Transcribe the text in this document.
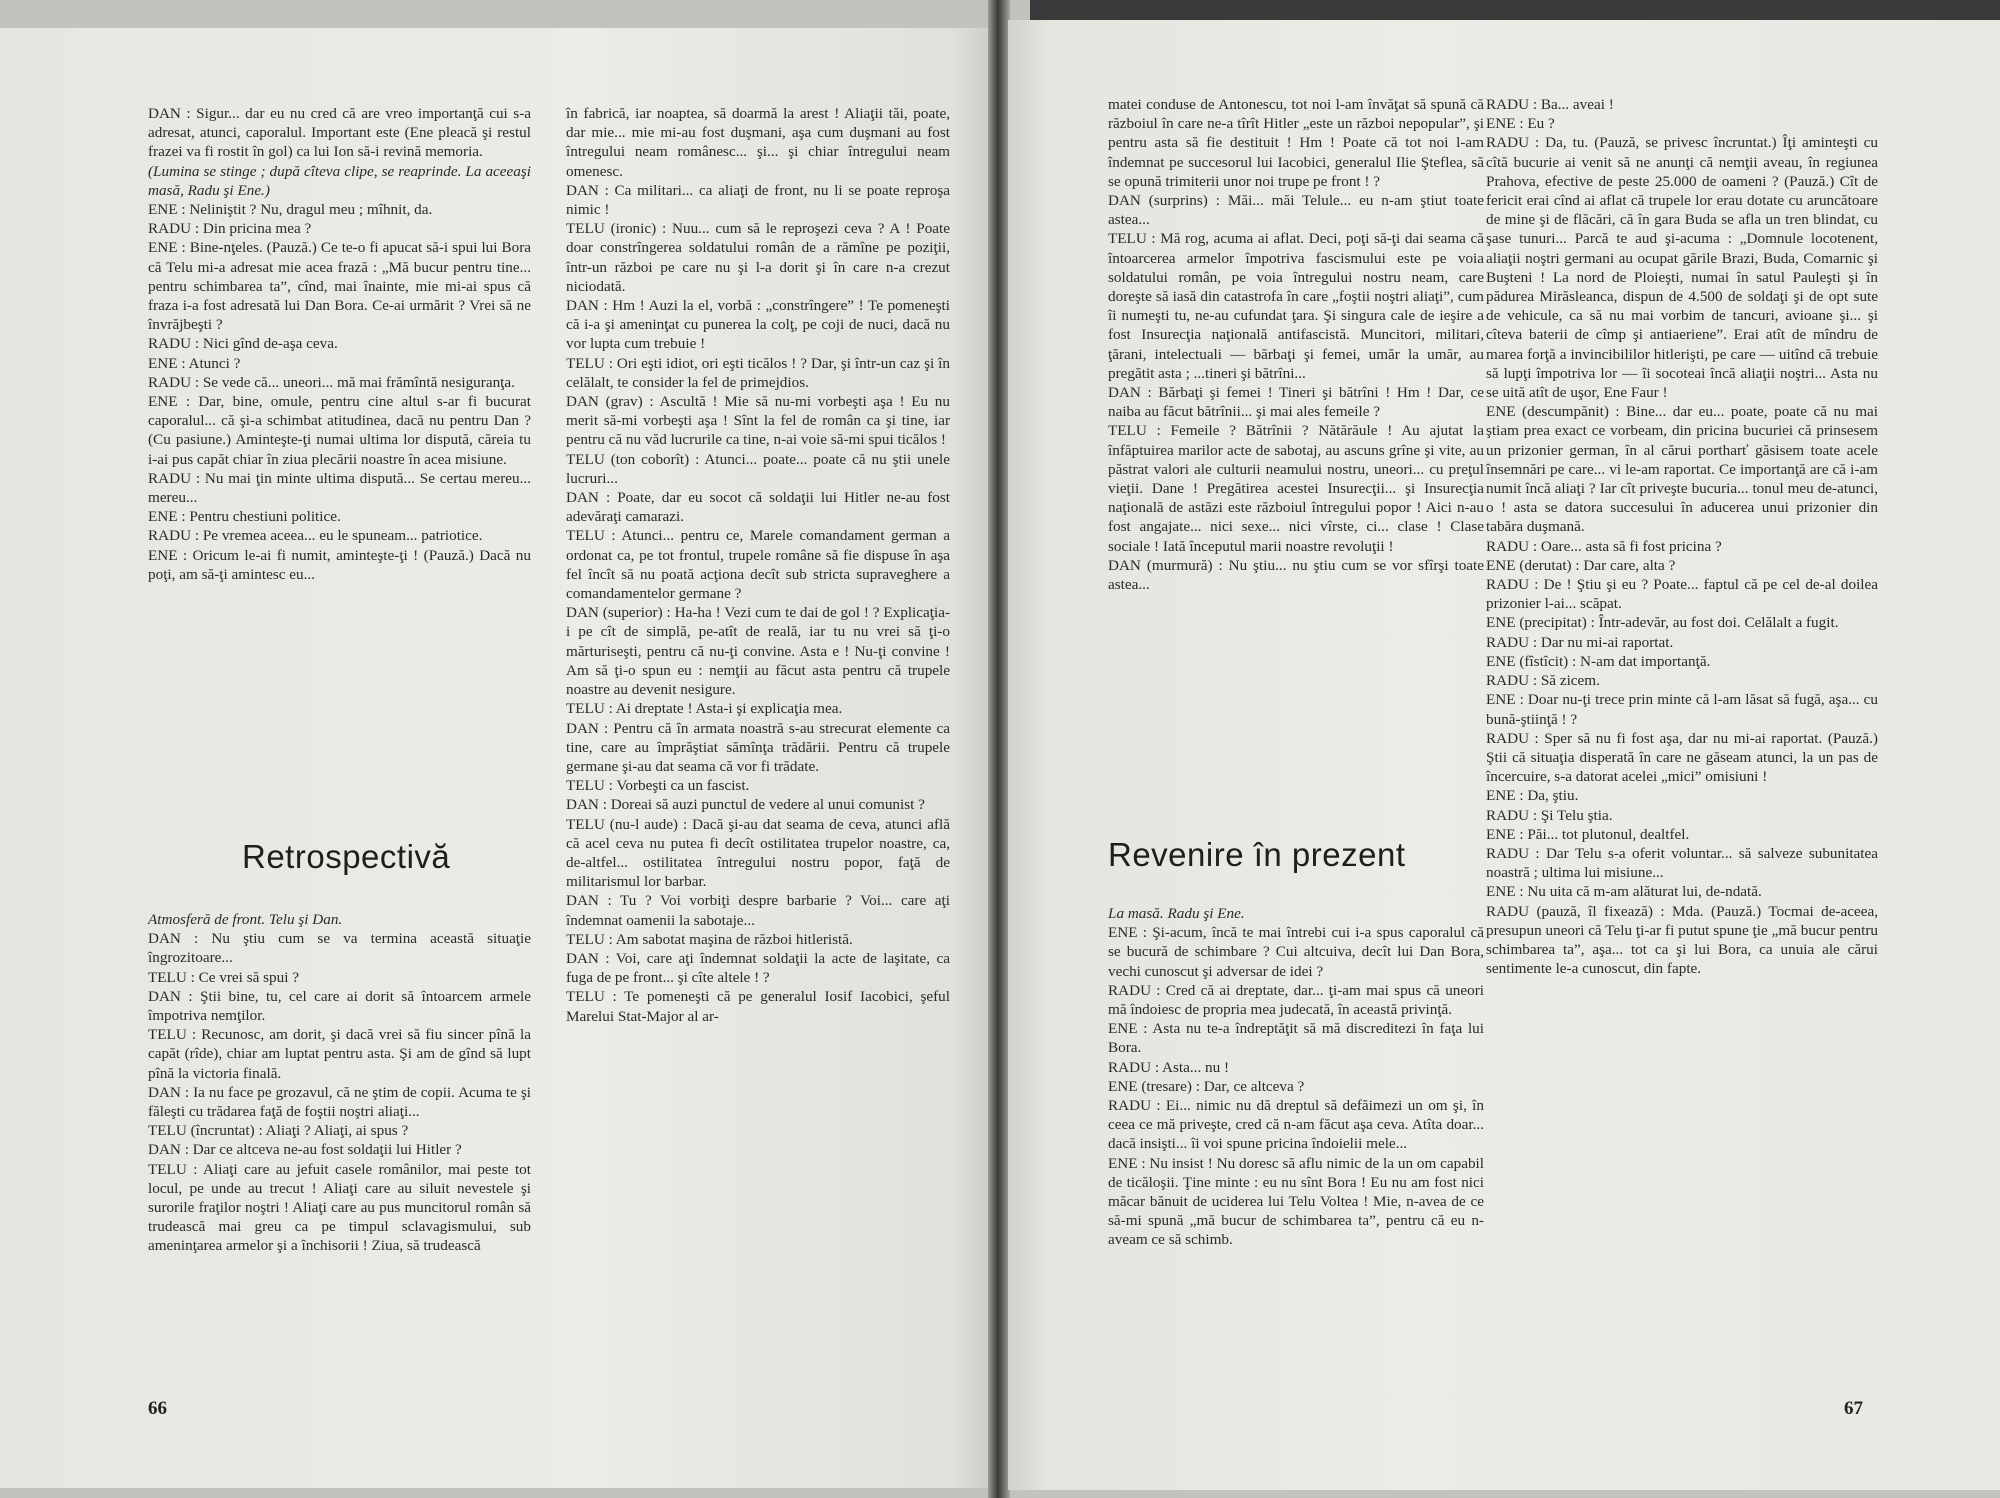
DAN : Sigur... dar eu nu cred că are vreo importanţă cui s-a adresat, atunci, caporalul. Important este (Ene pleacă şi restul frazei va fi rostit în gol) ca lui Ion să-i revină memoria.

(Lumina se stinge ; după cîteva clipe, se reaprinde. La aceeaşi masă, Radu şi Ene.)

ENE : Neliniştit ? Nu, dragul meu ; mîhnit, da.

RADU : Din pricina mea ?

ENE : Bine-nţeles. (Pauză.) Ce te-o fi apucat să-i spui lui Bora că Telu mi-a adresat mie acea frază : „Mă bucur pentru tine... pentru schimbarea ta”, cînd, mai înainte, mie mi-ai spus că fraza i-a fost adresată lui Dan Bora. Ce-ai urmărit ? Vrei să ne învrăjbeşti ?

RADU : Nici gînd de-aşa ceva.

ENE : Atunci ?

RADU : Se vede că... uneori... mă mai frămîntă nesiguranţa.

ENE : Dar, bine, omule, pentru cine altul s-ar fi bucurat caporalul... că şi-a schimbat atitudinea, dacă nu pentru Dan ? (Cu pasiune.) Aminteşte-ţi numai ultima lor dispută, căreia tu i-ai pus capăt chiar în ziua plecării noastre în acea misiune.

RADU : Nu mai ţin minte ultima dispută... Se certau mereu... mereu...

ENE : Pentru chestiuni politice.

RADU : Pe vremea aceea... eu le spuneam... patriotice.

ENE : Oricum le-ai fi numit, aminteşte-ţi ! (Pauză.) Dacă nu poţi, am să-ţi amintesc eu...

Retrospectivă

Atmosferă de front. Telu şi Dan.

DAN : Nu ştiu cum se va termina această situaţie îngrozitoare...

TELU : Ce vrei să spui ?

DAN : Ştii bine, tu, cel care ai dorit să întoarcem armele împotriva nemţilor.

TELU : Recunosc, am dorit, şi dacă vrei să fiu sincer pînă la capăt (rîde), chiar am luptat pentru asta. Şi am de gînd să lupt pînă la victoria finală.

DAN : Ia nu face pe grozavul, că ne ştim de copii. Acuma te şi făleşti cu trădarea faţă de foştii noştri aliaţi...

TELU (încruntat) : Aliaţi ? Aliaţi, ai spus ?

DAN : Dar ce altceva ne-au fost soldaţii lui Hitler ?

TELU : Aliaţi care au jefuit casele românilor, mai peste tot locul, pe unde au trecut ! Aliaţi care au siluit nevestele şi surorile fraţilor noştri ! Aliaţi care au pus muncitorul român să trudească mai greu ca pe timpul sclavagismului, sub ameninţarea armelor şi a închisorii ! Ziua, să trudească

în fabrică, iar noaptea, să doarmă la arest ! Aliaţii tăi, poate, dar mie... mie mi-au fost duşmani, aşa cum duşmani au fost întregului neam românesc... şi... şi chiar întregului neam omenesc.

DAN : Ca militari... ca aliaţi de front, nu li se poate reproşa nimic !

TELU (ironic) : Nuu... cum să le reproşezi ceva ? A ! Poate doar constrîngerea soldatului român de a rămîne pe poziţii, într-un război pe care nu şi l-a dorit şi în care n-a crezut niciodată.

DAN : Hm ! Auzi la el, vorbă : „constrîngere” ! Te pomeneşti că i-a şi ameninţat cu punerea la colţ, pe coji de nuci, dacă nu vor lupta cum trebuie !

TELU : Ori eşti idiot, ori eşti ticălos ! ? Dar, şi într-un caz şi în celălalt, te consider la fel de primejdios.

DAN (grav) : Ascultă ! Mie să nu-mi vorbeşti aşa ! Eu nu merit să-mi vorbeşti aşa ! Sînt la fel de român ca şi tine, iar pentru că nu văd lucrurile ca tine, n-ai voie să-mi spui ticălos !

TELU (ton coborît) : Atunci... poate... poate că nu ştii unele lucruri...

DAN : Poate, dar eu socot că soldaţii lui Hitler ne-au fost adevăraţi camarazi.

TELU : Atunci... pentru ce, Marele comandament german a ordonat ca, pe tot frontul, trupele române să fie dispuse în aşa fel încît să nu poată acţiona decît sub stricta supraveghere a comandamentelor germane ?

DAN (superior) : Ha-ha ! Vezi cum te dai de gol ! ? Explicaţia-i pe cît de simplă, pe-atît de reală, iar tu nu vrei să ţi-o mărturiseşti, pentru că nu-ţi convine. Asta e ! Nu-ţi convine ! Am să ţi-o spun eu : nemţii au făcut asta pentru că trupele noastre au devenit nesigure.

TELU : Ai dreptate ! Asta-i şi explicaţia mea.

DAN : Pentru că în armata noastră s-au strecurat elemente ca tine, care au împrăştiat sămînţa trădării. Pentru că trupele germane şi-au dat seama că vor fi trădate.

TELU : Vorbeşti ca un fascist.

DAN : Doreai să auzi punctul de vedere al unui comunist ?

TELU (nu-l aude) : Dacă şi-au dat seama de ceva, atunci află că acel ceva nu putea fi decît ostilitatea trupelor noastre, ca, de-altfel... ostilitatea întregului nostru popor, faţă de militarismul lor barbar.

DAN : Tu ? Voi vorbiţi despre barbarie ? Voi... care aţi îndemnat oamenii la sabotaje...

TELU : Am sabotat maşina de război hitleristă.

DAN : Voi, care aţi îndemnat soldaţii la acte de laşitate, ca fuga de pe front... şi cîte altele ! ?

TELU : Te pomeneşti că pe generalul Iosif Iacobici, şeful Marelui Stat-Major al ar-

66

matei conduse de Antonescu, tot noi l-am învăţat să spună că războiul în care ne-a tîrît Hitler „este un război nepopular”, şi pentru asta să fie destituit ! Hm ! Poate că tot noi l-am îndemnat pe succesorul lui Iacobici, generalul Ilie Şteflea, să se opună trimiterii unor noi trupe pe front ! ?

DAN (surprins) : Măi... măi Telule... eu n-am ştiut toate astea...

TELU : Mă rog, acuma ai aflat. Deci, poţi să-ţi dai seama că întoarcerea armelor împotriva fascismului este pe voia soldatului român, pe voia întregului nostru neam, care doreşte să iasă din catastrofa în care „foştii noştri aliaţi”, cum îi numeşti tu, ne-au cufundat ţara. Şi singura cale de ieşire a fost Insurecţia naţională antifascistă. Muncitori, militari, ţărani, intelectuali — bărbaţi şi femei, umăr la umăr, au pregătit asta ; ...tineri şi bătrîni...

DAN : Bărbaţi şi femei ! Tineri şi bătrîni ! Hm ! Dar, ce naiba au făcut bătrînii... şi mai ales femeile ?

TELU : Femeile ? Bătrînii ? Nătărăule ! Au ajutat la înfăptuirea marilor acte de sabotaj, au ascuns grîne şi vite, au păstrat valori ale culturii neamului nostru, uneori... cu preţul vieţii. Dane ! Pregătirea acestei Insurecţii... şi Insurecţia naţională de astăzi este războiul întregului popor ! Aici n-au fost angajate... nici sexe... nici vîrste, ci... clase ! Clase sociale ! Iată începutul marii noastre revoluţii !

DAN (murmură) : Nu ştiu... nu ştiu cum se vor sfîrşi toate astea...

Revenire în prezent

La masă. Radu şi Ene.

ENE : Şi-acum, încă te mai întrebi cui i-a spus caporalul că se bucură de schimbare ? Cui altcuiva, decît lui Dan Bora, vechi cunoscut şi adversar de idei ?

RADU : Cred că ai dreptate, dar... ţi-am mai spus că uneori mă îndoiesc de propria mea judecată, în această privinţă.

ENE : Asta nu te-a îndreptăţit să mă discreditezi în faţa lui Bora.

RADU : Asta... nu !

ENE (tresare) : Dar, ce altceva ?

RADU : Ei... nimic nu dă dreptul să defăimezi un om şi, în ceea ce mă priveşte, cred că n-am făcut aşa ceva. Atîta doar... dacă insişti... îi voi spune pricina îndoielii mele...

ENE : Nu insist ! Nu doresc să aflu nimic de la un om capabil de ticăloşii. Ţine minte : eu nu sînt Bora ! Eu nu am fost nici măcar bănuit de uciderea lui Telu Voltea ! Mie, n-avea de ce să-mi spună „mă bucur de schimbarea ta”, pentru că eu n-aveam ce să schimb.

RADU : Ba... aveai !

ENE : Eu ?

RADU : Da, tu. (Pauză, se privesc încruntat.) Îţi aminteşti cu cîtă bucurie ai venit să ne anunţi că nemţii aveau, în regiunea Prahova, efective de peste 25.000 de oameni ? (Pauză.) Cît de fericit erai cînd ai aflat că trupele lor erau dotate cu aruncătoare de mine şi de flăcări, că în gara Buda se afla un tren blindat, cu şase tunuri... Parcă te aud şi-acuma : „Domnule locotenent, aliaţii noştri germani au ocupat gările Brazi, Buda, Comarnic şi Buşteni ! La nord de Ploieşti, numai în satul Pauleşti şi în pădurea Mirăsleanca, dispun de 4.500 de soldaţi şi de opt sute de vehicule, ca să nu mai vorbim de tancuri, avioane şi... şi cîteva baterii de cîmp şi antiaeriene”. Erai atît de mîndru de marea forţă a invincibililor hitlerişti, pe care — uitînd că trebuie să lupţi împotriva lor — îi socoteai încă aliaţii noştri... Asta nu se uită atît de uşor, Ene Faur !

ENE (descumpănit) : Bine... dar eu... poate, poate că nu mai ştiam prea exact ce vorbeam, din pricina bucuriei că prinsesem un prizonier german, în al cărui portharť găsisem toate acele însemnări pe care... vi le-am raportat. Ce importanţă are că i-am numit încă aliaţi ? Iar cît priveşte bucuria... tonul meu de-atunci, o ! asta se datora succesului în aducerea unui prizonier din tabăra duşmană.

RADU : Oare... asta să fi fost pricina ?

ENE (derutat) : Dar care, alta ?

RADU : De ! Ştiu şi eu ? Poate... faptul că pe cel de-al doilea prizonier l-ai... scăpat.

ENE (precipitat) : Într-adevăr, au fost doi. Celălalt a fugit.

RADU : Dar nu mi-ai raportat.

ENE (fîstîcit) : N-am dat importanţă.

RADU : Să zicem.

ENE : Doar nu-ţi trece prin minte că l-am lăsat să fugă, aşa... cu bună-ştiinţă ! ?

RADU : Sper să nu fi fost aşa, dar nu mi-ai raportat. (Pauză.) Ştii că situaţia disperată în care ne găseam atunci, la un pas de încercuire, s-a datorat acelei „mici” omisiuni !

ENE : Da, ştiu.

RADU : Şi Telu ştia.

ENE : Păi... tot plutonul, dealtfel.

RADU : Dar Telu s-a oferit voluntar... să salveze subunitatea noastră ; ultima lui misiune...

ENE : Nu uita că m-am alăturat lui, de-ndată.

RADU (pauză, îl fixează) : Mda. (Pauză.) Tocmai de-aceea, presupun uneori că Telu ţi-ar fi putut spune ţie „mă bucur pentru schimbarea ta”, aşa... tot ca şi lui Bora, ca unuia ale cărui sentimente le-a cunoscut, din fapte.

67
